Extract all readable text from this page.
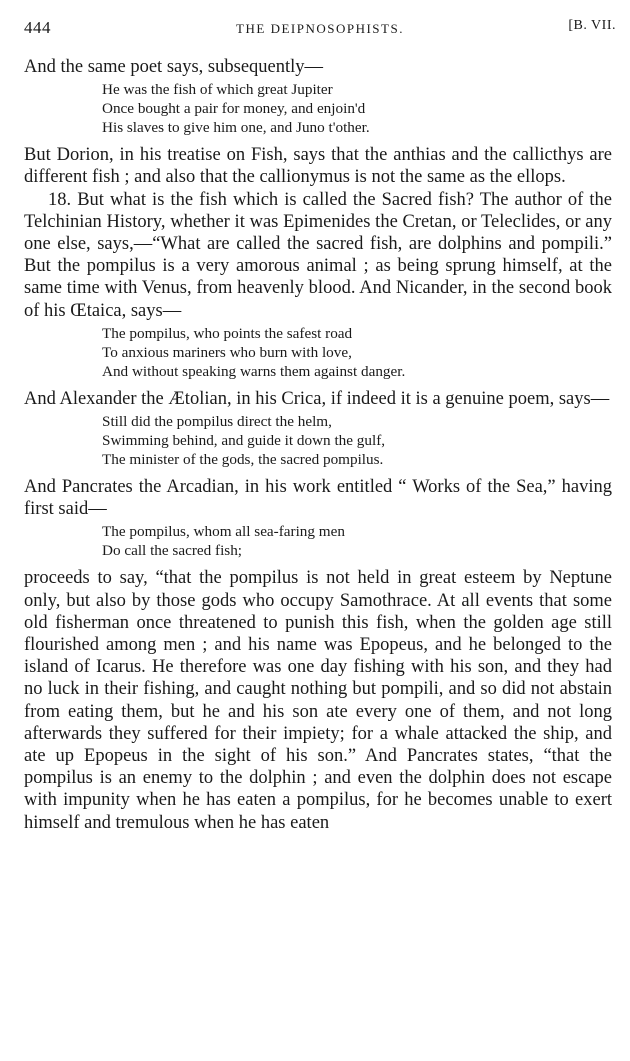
444	THE DEIPNOSOPHISTS.	[B. VII.

And the same poet says, subsequently—

He was the fish of which great Jupiter
Once bought a pair for money, and enjoin'd
His slaves to give him one, and Juno t'other.

But Dorion, in his treatise on Fish, says that the anthias and the callicthys are different fish ; and also that the callionymus is not the same as the ellops.

18. But what is the fish which is called the Sacred fish? The author of the Telchinian History, whether it was Epimenides the Cretan, or Teleclides, or any one else, says,—“What are called the sacred fish, are dolphins and pompili.” But the pompilus is a very amorous animal ; as being sprung himself, at the same time with Venus, from heavenly blood. And Nicander, in the second book of his Œtaica, says—

The pompilus, who points the safest road
To anxious mariners who burn with love,
And without speaking warns them against danger.

And Alexander the Ætolian, in his Crica, if indeed it is a genuine poem, says—

Still did the pompilus direct the helm,
Swimming behind, and guide it down the gulf,
The minister of the gods, the sacred pompilus.

And Pancrates the Arcadian, in his work entitled “ Works of the Sea,” having first said—

The pompilus, whom all sea-faring men
Do call the sacred fish;

proceeds to say, “that the pompilus is not held in great esteem by Neptune only, but also by those gods who occupy Samothrace. At all events that some old fisherman once threatened to punish this fish, when the golden age still flourished among men ; and his name was Epopeus, and he belonged to the island of Icarus. He therefore was one day fishing with his son, and they had no luck in their fishing, and caught nothing but pompili, and so did not abstain from eating them, but he and his son ate every one of them, and not long afterwards they suffered for their impiety; for a whale attacked the ship, and ate up Epopeus in the sight of his son.” And Pancrates states, “that the pompilus is an enemy to the dolphin ; and even the dolphin does not escape with impunity when he has eaten a pompilus, for he becomes unable to exert himself and tremulous when he has eaten
